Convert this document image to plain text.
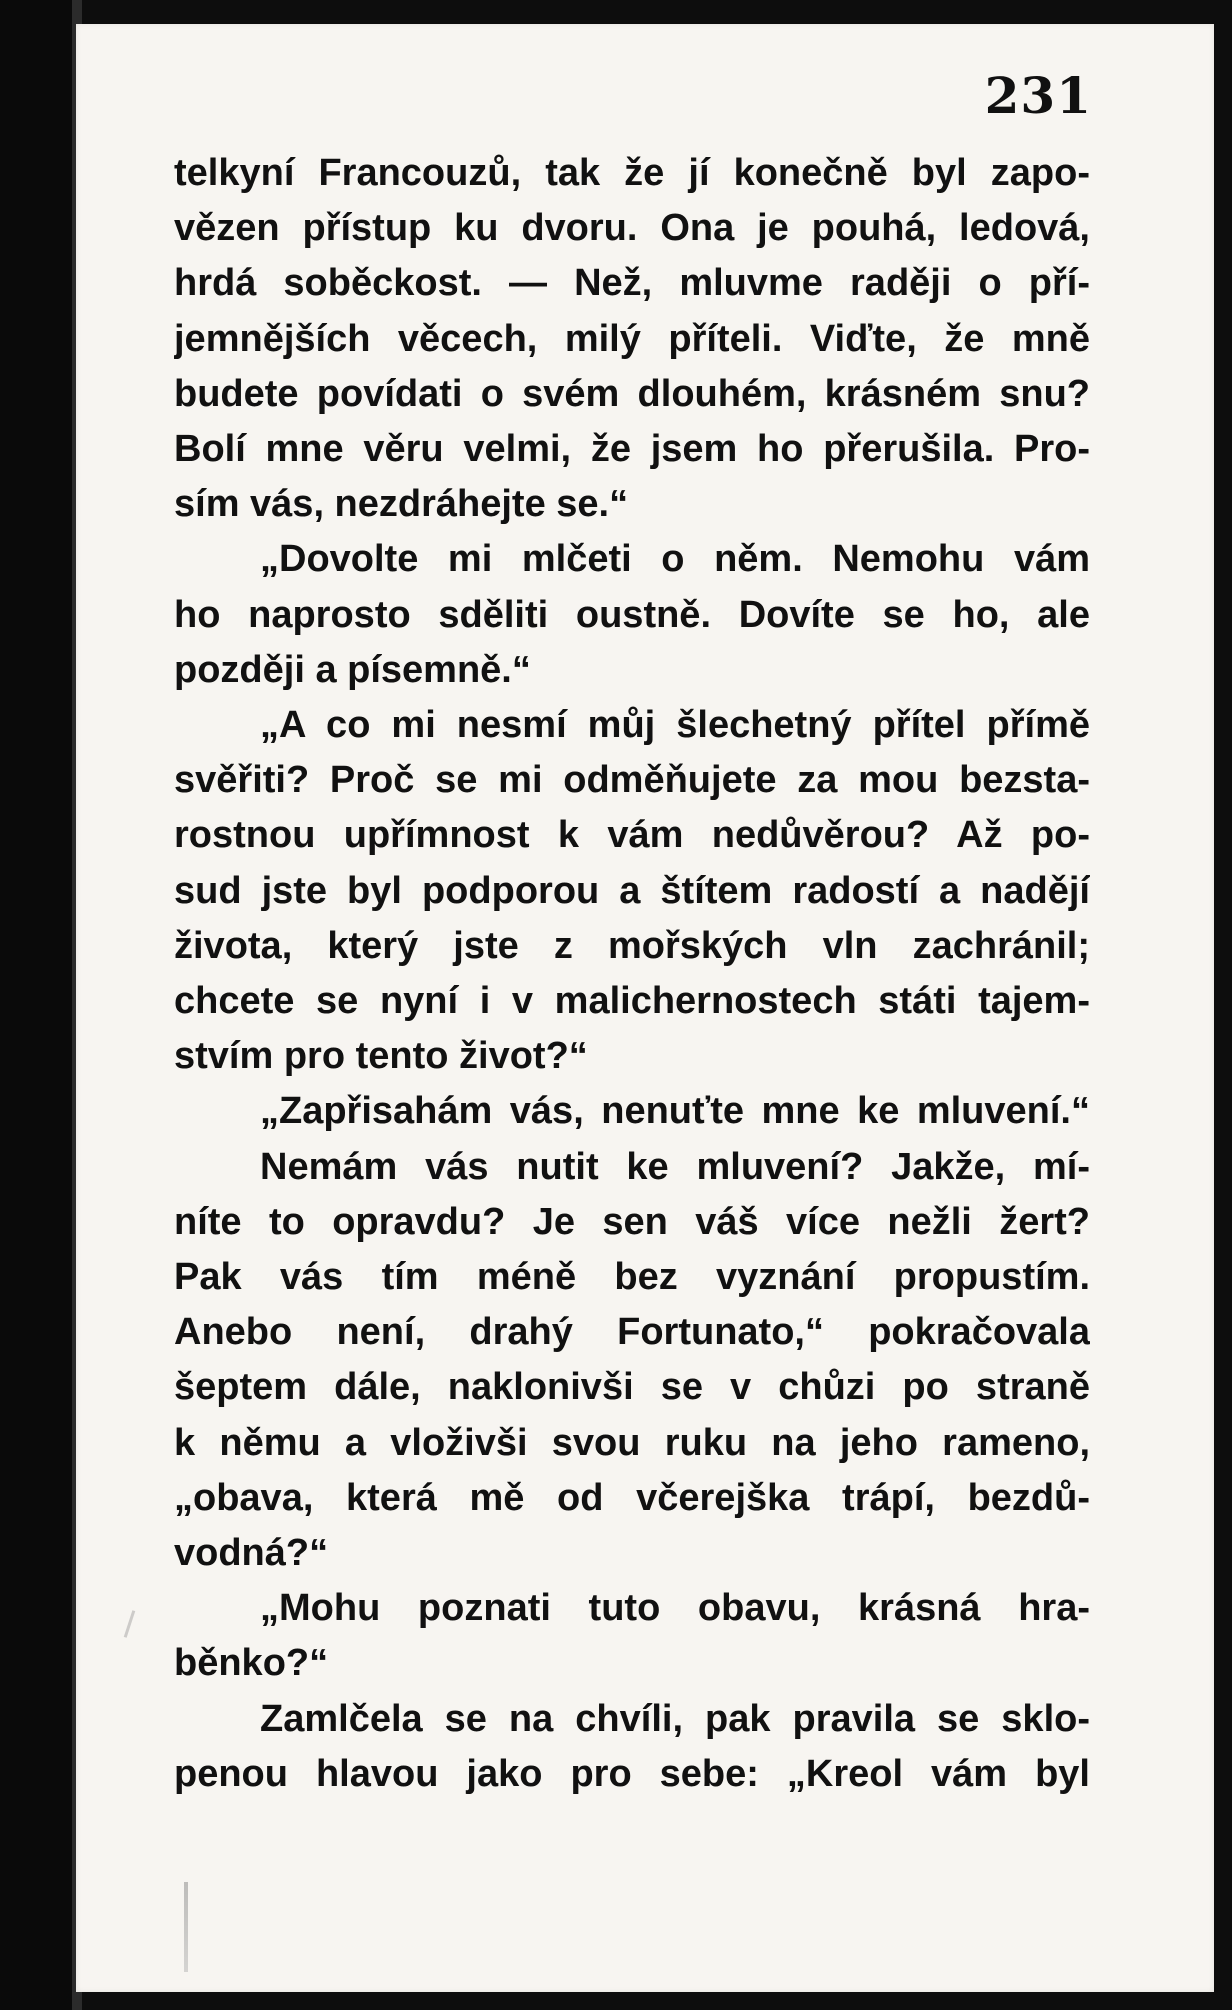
231
telkyní Francouzů, tak že jí konečně byl zapo-
vězen přístup ku dvoru. Ona je pouhá, ledová,
hrdá soběckost. — Než, mluvme raději o pří-
jemnějších věcech, milý příteli. Viďte, že mně
budete povídati o svém dlouhém, krásném snu?
Bolí mne věru velmi, že jsem ho přerušila. Pro-
sím vás, nezdráhejte se.“
„Dovolte mi mlčeti o něm. Nemohu vám
ho naprosto sděliti oustně. Dovíte se ho, ale
později a písemně.“
„A co mi nesmí můj šlechetný přítel přímě
svěřiti? Proč se mi odměňujete za mou bezsta-
rostnou upřímnost k vám nedůvěrou? Až po-
sud jste byl podporou a štítem radostí a nadějí
života, který jste z mořských vln zachránil;
chcete se nyní i v malichernostech státi tajem-
stvím pro tento život?“
„Zapřisahám vás, nenuťte mne ke mluvení.“
Nemám vás nutit ke mluvení? Jakže, mí-
níte to opravdu? Je sen váš více nežli žert?
Pak vás tím méně bez vyznání propustím.
Anebo není, drahý Fortunato,“ pokračovala
šeptem dále, naklonivši se v chůzi po straně
k němu a vloživši svou ruku na jeho rameno,
„obava, která mě od včerejška trápí, bezdů-
vodná?“
„Mohu poznati tuto obavu, krásná hra-
běnko?“
Zamlčela se na chvíli, pak pravila se sklo-
penou hlavou jako pro sebe: „Kreol vám byl
